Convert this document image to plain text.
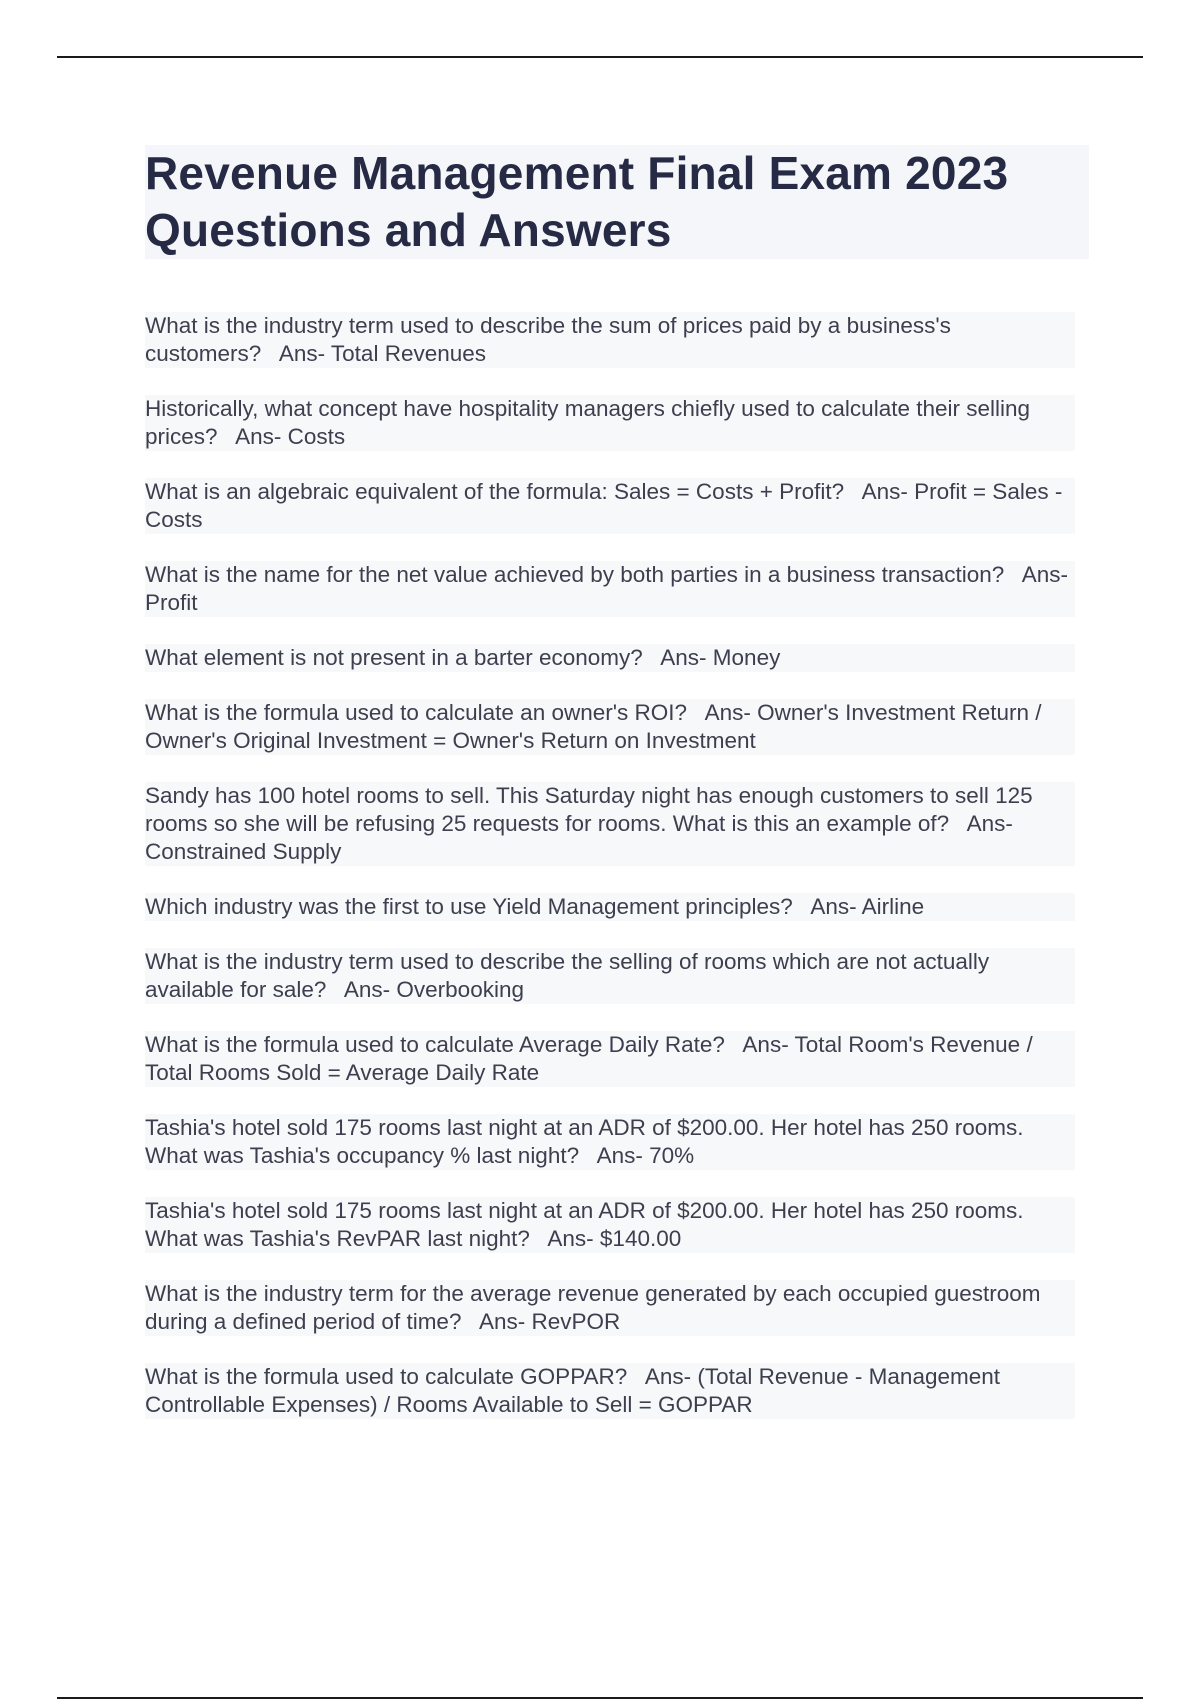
Revenue Management Final Exam 2023 Questions and Answers

What is the industry term used to describe the sum of prices paid by a business's customers? Ans- Total Revenues

Historically, what concept have hospitality managers chiefly used to calculate their selling prices? Ans- Costs

What is an algebraic equivalent of the formula: Sales = Costs + Profit? Ans- Profit = Sales - Costs

What is the name for the net value achieved by both parties in a business transaction? Ans- Profit

What element is not present in a barter economy? Ans- Money

What is the formula used to calculate an owner's ROI? Ans- Owner's Investment Return / Owner's Original Investment = Owner's Return on Investment

Sandy has 100 hotel rooms to sell. This Saturday night has enough customers to sell 125 rooms so she will be refusing 25 requests for rooms. What is this an example of? Ans- Constrained Supply

Which industry was the first to use Yield Management principles? Ans- Airline

What is the industry term used to describe the selling of rooms which are not actually available for sale? Ans- Overbooking

What is the formula used to calculate Average Daily Rate? Ans- Total Room's Revenue / Total Rooms Sold = Average Daily Rate

Tashia's hotel sold 175 rooms last night at an ADR of $200.00. Her hotel has 250 rooms. What was Tashia's occupancy % last night? Ans- 70%

Tashia's hotel sold 175 rooms last night at an ADR of $200.00. Her hotel has 250 rooms. What was Tashia's RevPAR last night? Ans- $140.00

What is the industry term for the average revenue generated by each occupied guestroom during a defined period of time? Ans- RevPOR

What is the formula used to calculate GOPPAR? Ans- (Total Revenue - Management Controllable Expenses) / Rooms Available to Sell = GOPPAR
